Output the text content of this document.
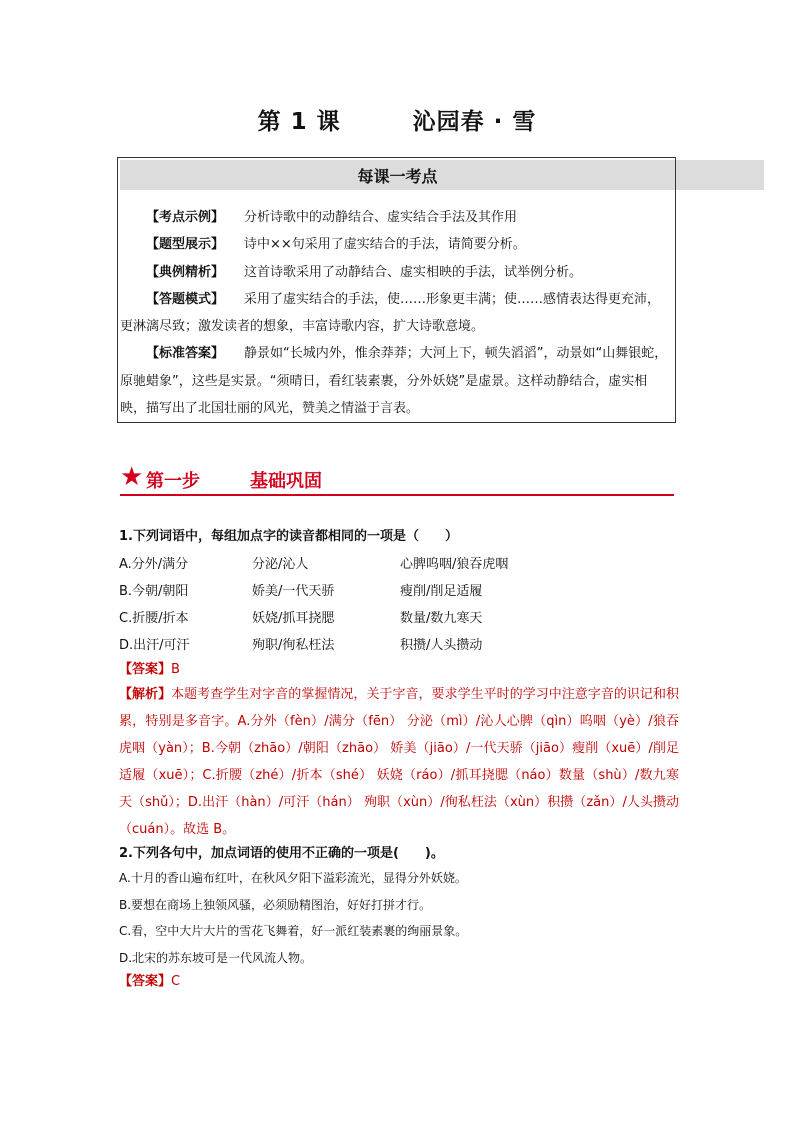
第 1 课        沁园春 · 雪
每课一考点

【考点示例】 分析诗歌中的动静结合、虚实结合手法及其作用

【题型展示】 诗中××句采用了虚实结合的手法，请简要分析。

【典例精析】 这首诗歌采用了动静结合、虚实相映的手法，试举例分析。

【答题模式】 采用了虚实结合的手法，使……形象更丰满；使……感情表达得更充沛，更淋漓尽致；激发读者的想象，丰富诗歌内容，扩大诗歌意境。

【标准答案】 静景如“长城内外，惟余莽莽；大河上下，顿失滔滔”，动景如“山舞银蛇，原驰蜡象”，这些是实景。“须晴日，看红装素裹，分外妖娆”是虚景。这样动静结合，虚实相映，描写出了北国壮丽的风光，赞美之情溢于言表。

★ 第一步	基础巩固
1.下列词语中，每组加点字的读音都相同的一项是（　　）
A.分外/满分	分泌/沁人	心脾呜咽/狼吞虎咽
B.今朝/朝阳	娇美/一代天骄	瘦削/削足适履
C.折腰/折本	妖娆/抓耳挠腮	数量/数九寒天
D.出汗/可汗	殉职/徇私枉法	积攒/人头攒动
【答案】B
【解析】本题考查学生对字音的掌握情况，关于字音，要求学生平时的学习中注意字音的识记和积累，特别是多音字。A.分外（fèn）/满分（fēn） 分泌（mì）/沁人心脾（qìn）呜咽（yè）/狼吞虎咽（yàn）；B.今朝（zhāo）/朝阳（zhāo） 娇美（jiāo）/一代天骄（jiāo）瘦削（xuē）/削足适履（xuē）；C.折腰（zhé）/折本（shé） 妖娆（ráo）/抓耳挠腮（náo）数量（shù）/数九寒天（shǔ）；D.出汗（hàn）/可汗（hán） 殉职（xùn）/徇私枉法（xùn）积攒（zǎn）/人头攒动（cuán）。故选 B。
2.下列各句中，加点词语的使用不正确的一项是(　　)。
A.十月的香山遍布红叶，在秋风夕阳下溢彩流光，显得分外妖娆。
B.要想在商场上独领风骚，必须励精图治，好好打拼才行。
C.看，空中大片大片的雪花飞舞着，好一派红装素裹的绚丽景象。
D.北宋的苏东坡可是一代风流人物。
【答案】C
